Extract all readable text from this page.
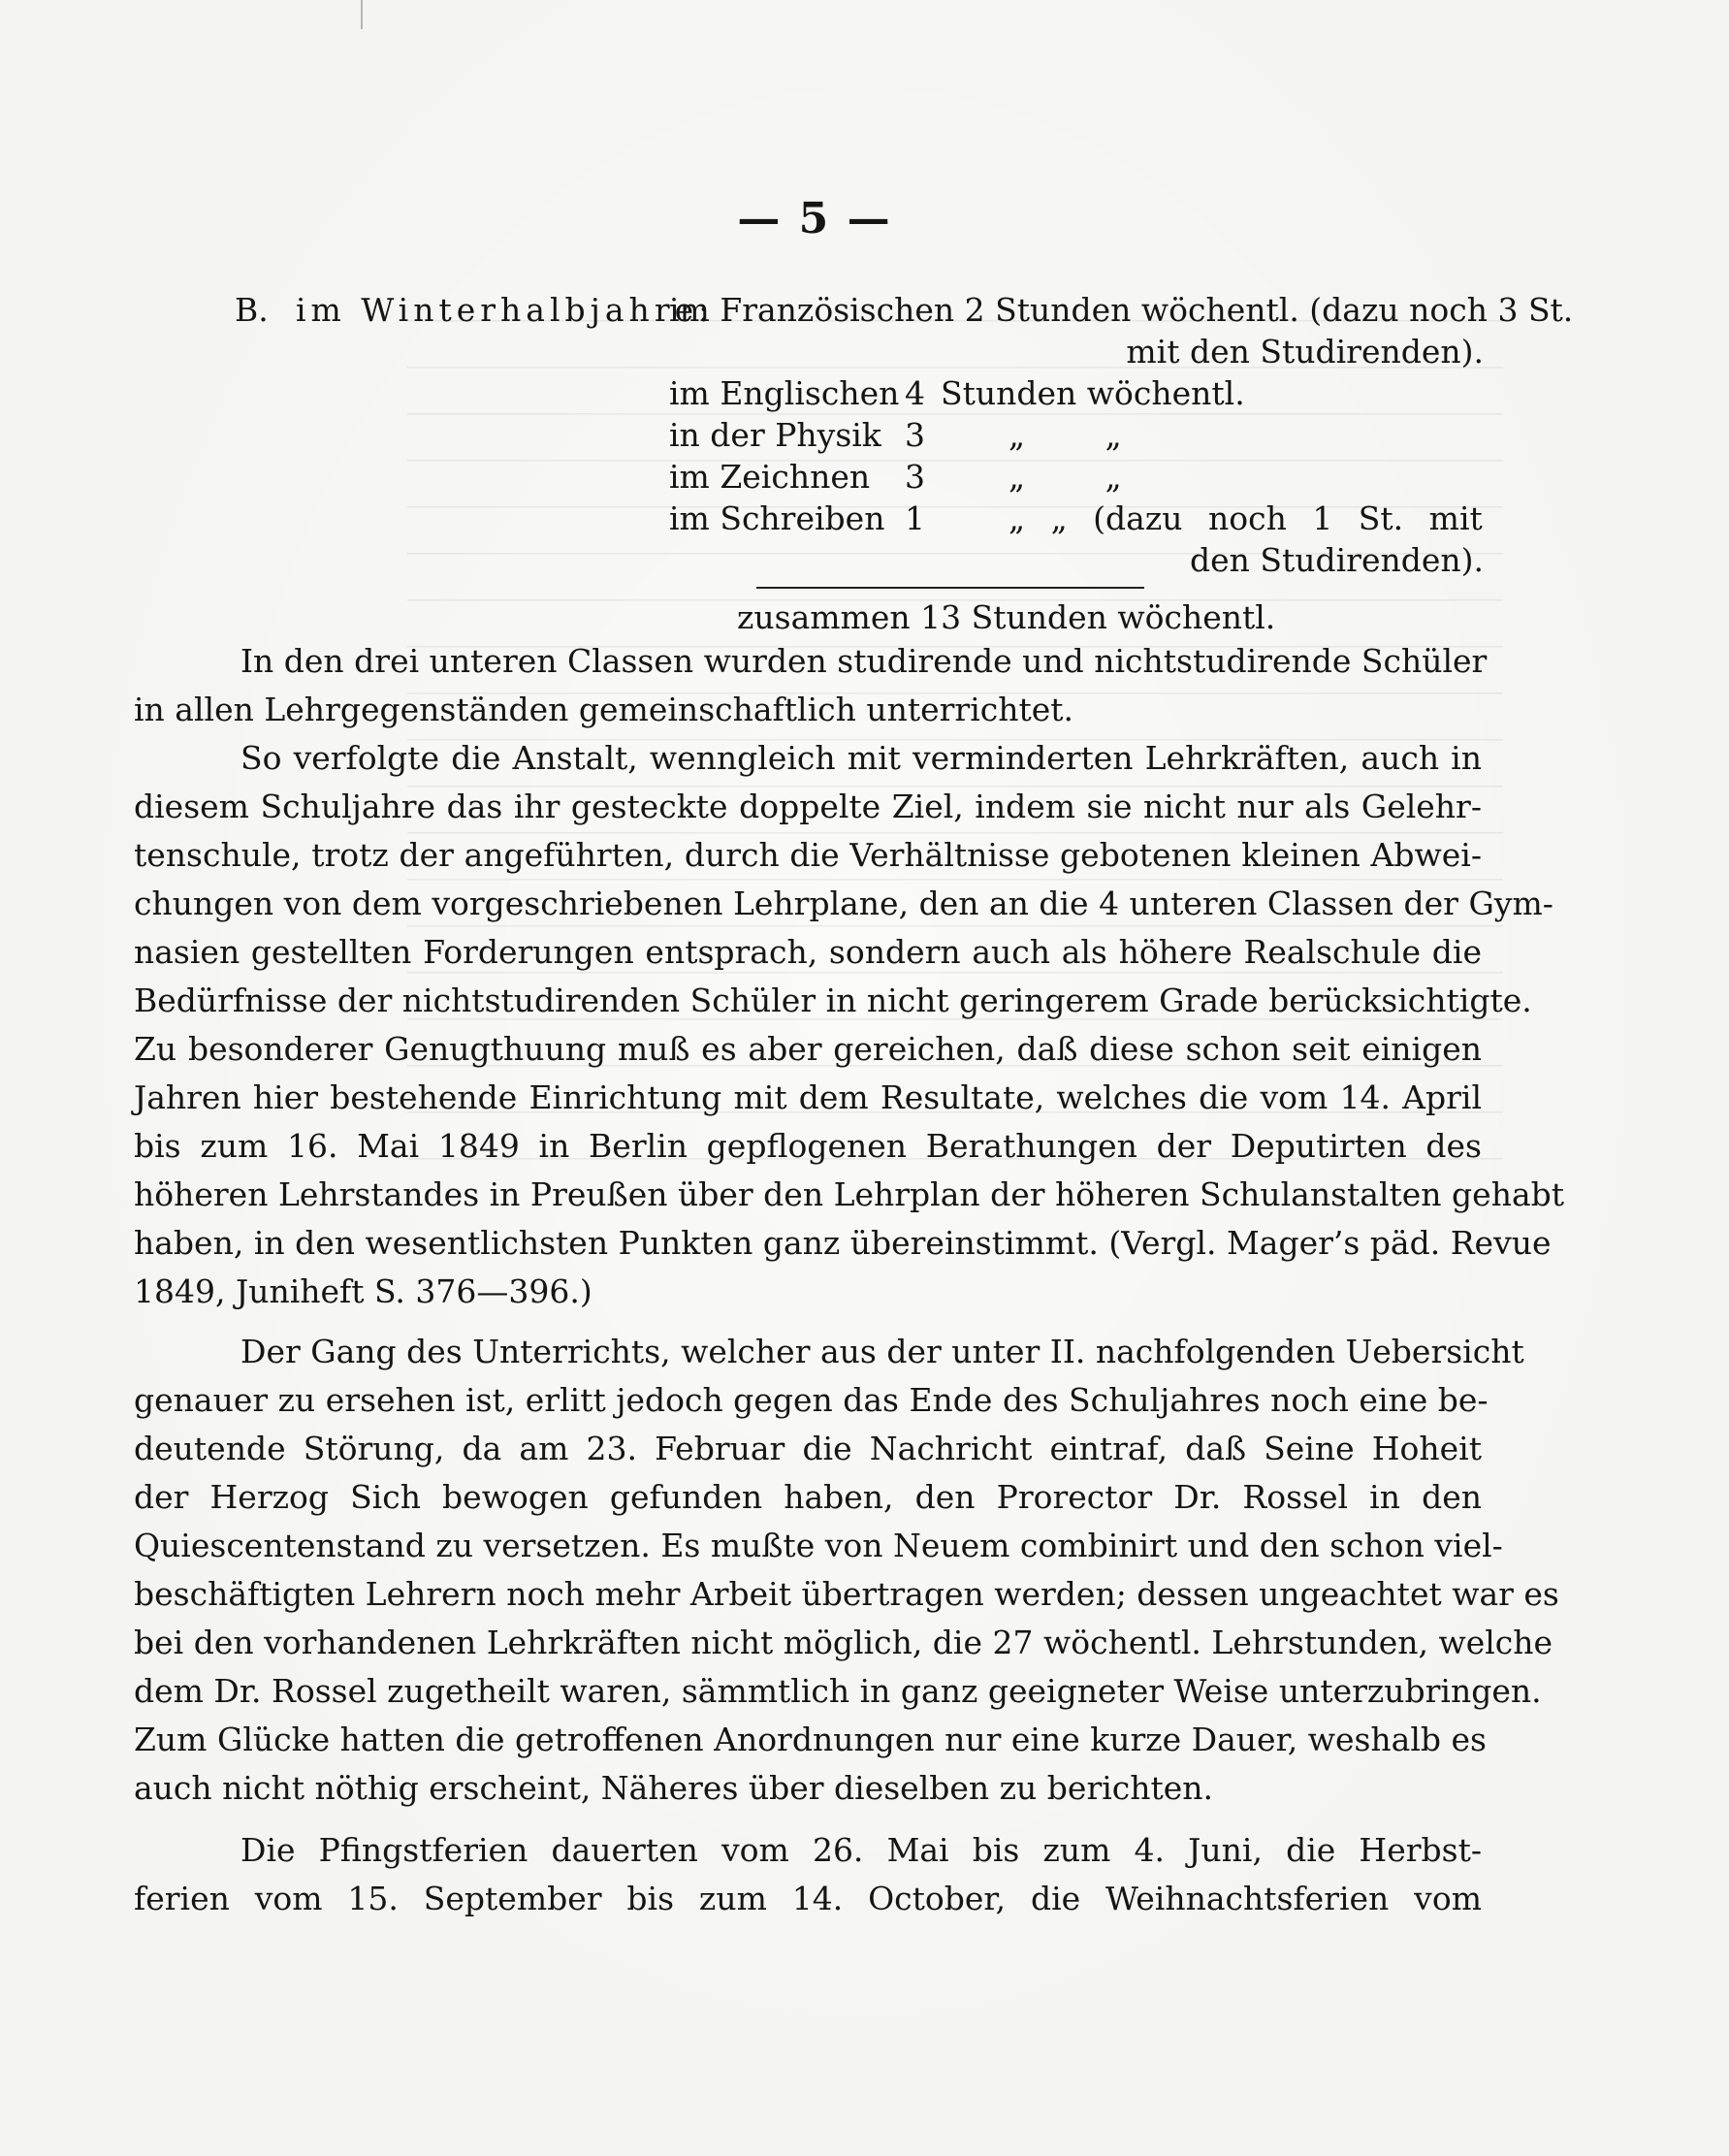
— 5 —
B. im Winterhalbjahre:
im Französischen 2 Stunden wöchentl. (dazu noch 3 St.
mit den Studirenden).
im Englischen 4 Stunden wöchentl.
in der Physik 3	„ „
im Zeichnen 3	„ „
im Schreiben 1	„ „ (dazu noch 1 St. mit
den Studirenden).
zusammen 13 Stunden wöchentl.
In den drei unteren Classen wurden studirende und nichtstudirende Schüler
in allen Lehrgegenständen gemeinschaftlich unterrichtet.
So verfolgte die Anstalt, wenngleich mit verminderten Lehrkräften, auch in
diesem Schuljahre das ihr gesteckte doppelte Ziel, indem sie nicht nur als Gelehr-
tenschule, trotz der angeführten, durch die Verhältnisse gebotenen kleinen Abwei-
chungen von dem vorgeschriebenen Lehrplane, den an die 4 unteren Classen der Gym-
nasien gestellten Forderungen entsprach, sondern auch als höhere Realschule die
Bedürfnisse der nichtstudirenden Schüler in nicht geringerem Grade berücksichtigte.
Zu besonderer Genugthuung muß es aber gereichen, daß diese schon seit einigen
Jahren hier bestehende Einrichtung mit dem Resultate, welches die vom 14. April
bis zum 16. Mai 1849 in Berlin gepflogenen Berathungen der Deputirten des
höheren Lehrstandes in Preußen über den Lehrplan der höheren Schulanstalten gehabt
haben, in den wesentlichsten Punkten ganz übereinstimmt. (Vergl. Mager’s päd. Revue
1849, Juniheft S. 376—396.)
Der Gang des Unterrichts, welcher aus der unter II. nachfolgenden Uebersicht
genauer zu ersehen ist, erlitt jedoch gegen das Ende des Schuljahres noch eine be-
deutende Störung, da am 23. Februar die Nachricht eintraf, daß Seine Hoheit
der Herzog Sich bewogen gefunden haben, den Prorector Dr. Rossel in den
Quiescentenstand zu versetzen. Es mußte von Neuem combinirt und den schon viel-
beschäftigten Lehrern noch mehr Arbeit übertragen werden; dessen ungeachtet war es
bei den vorhandenen Lehrkräften nicht möglich, die 27 wöchentl. Lehrstunden, welche
dem Dr. Rossel zugetheilt waren, sämmtlich in ganz geeigneter Weise unterzubringen.
Zum Glücke hatten die getroffenen Anordnungen nur eine kurze Dauer, weshalb es
auch nicht nöthig erscheint, Näheres über dieselben zu berichten.
Die Pfingstferien dauerten vom 26. Mai bis zum 4. Juni, die Herbst-
ferien vom 15. September bis zum 14. October, die Weihnachtsferien vom
